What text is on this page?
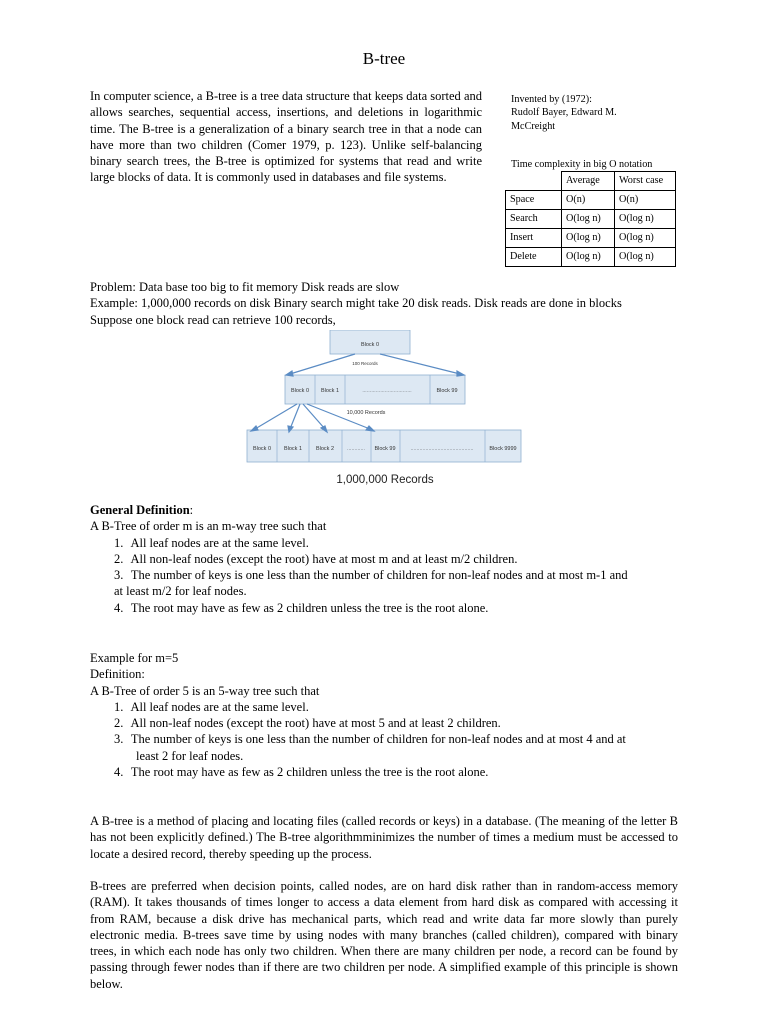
B-tree

In computer science, a B-tree is a tree data structure that keeps data sorted and allows searches, sequential access, insertions, and deletions in logarithmic time. The B-tree is a generalization of a binary search tree in that a node can have more than two children (Comer 1979, p. 123). Unlike self-balancing binary search trees, the B-tree is optimized for systems that read and write large blocks of data. It is commonly used in databases and file systems.

Invented by (1972):
Rudolf Bayer, Edward M.
McCreight
Time complexity in big O notation
	Average	Worst case
Space	O(n)	O(n)
Search	O(log n)	O(log n)
Insert	O(log n)	O(log n)
Delete	O(log n)	O(log n)
Problem: Data base too big to fit memory Disk reads are slow
Example: 1,000,000 records on disk Binary search might take 20 disk reads. Disk reads are done in blocks
Suppose one block read can retrieve 100 records,
Block 0
100 Records
Block 0 Block 1	……………………………	Block 99
10,000 Records
Block 0 Block 1	Block 2	………… Block 99	……………………………………	Block 9999
1,000,000 Records
General Definition:
A B-Tree of order m is an m-way tree such that
1. All leaf nodes are at the same level.
2. All non-leaf nodes (except the root) have at most m and at least m/2 children.
3. The number of keys is one less than the number of children for non-leaf nodes and at most m-1 and
at least m/2 for leaf nodes.
4. The root may have as few as 2 children unless the tree is the root alone.
Example for m=5
Definition:
A B-Tree of order 5 is an 5-way tree such that
1. All leaf nodes are at the same level.
2. All non-leaf nodes (except the root) have at most 5 and at least 2 children.
3. The number of keys is one less than the number of children for non-leaf nodes and at most 4 and at
least 2 for leaf nodes.
4. The root may have as few as 2 children unless the tree is the root alone.

A B-tree is a method of placing and locating files (called records or keys) in a database. (The meaning of the letter B has not been explicitly defined.) The B-tree algorithmminimizes the number of times a medium must be accessed to locate a desired record, thereby speeding up the process.

B-trees are preferred when decision points, called nodes, are on hard disk rather than in random-access memory (RAM). It takes thousands of times longer to access a data element from hard disk as compared with accessing it from RAM, because a disk drive has mechanical parts, which read and write data far more slowly than purely electronic media. B-trees save time by using nodes with many branches (called children), compared with binary trees, in which each node has only two children. When there are many children per node, a record can be found by passing through fewer nodes than if there are two children per node. A simplified example of this principle is shown below.
